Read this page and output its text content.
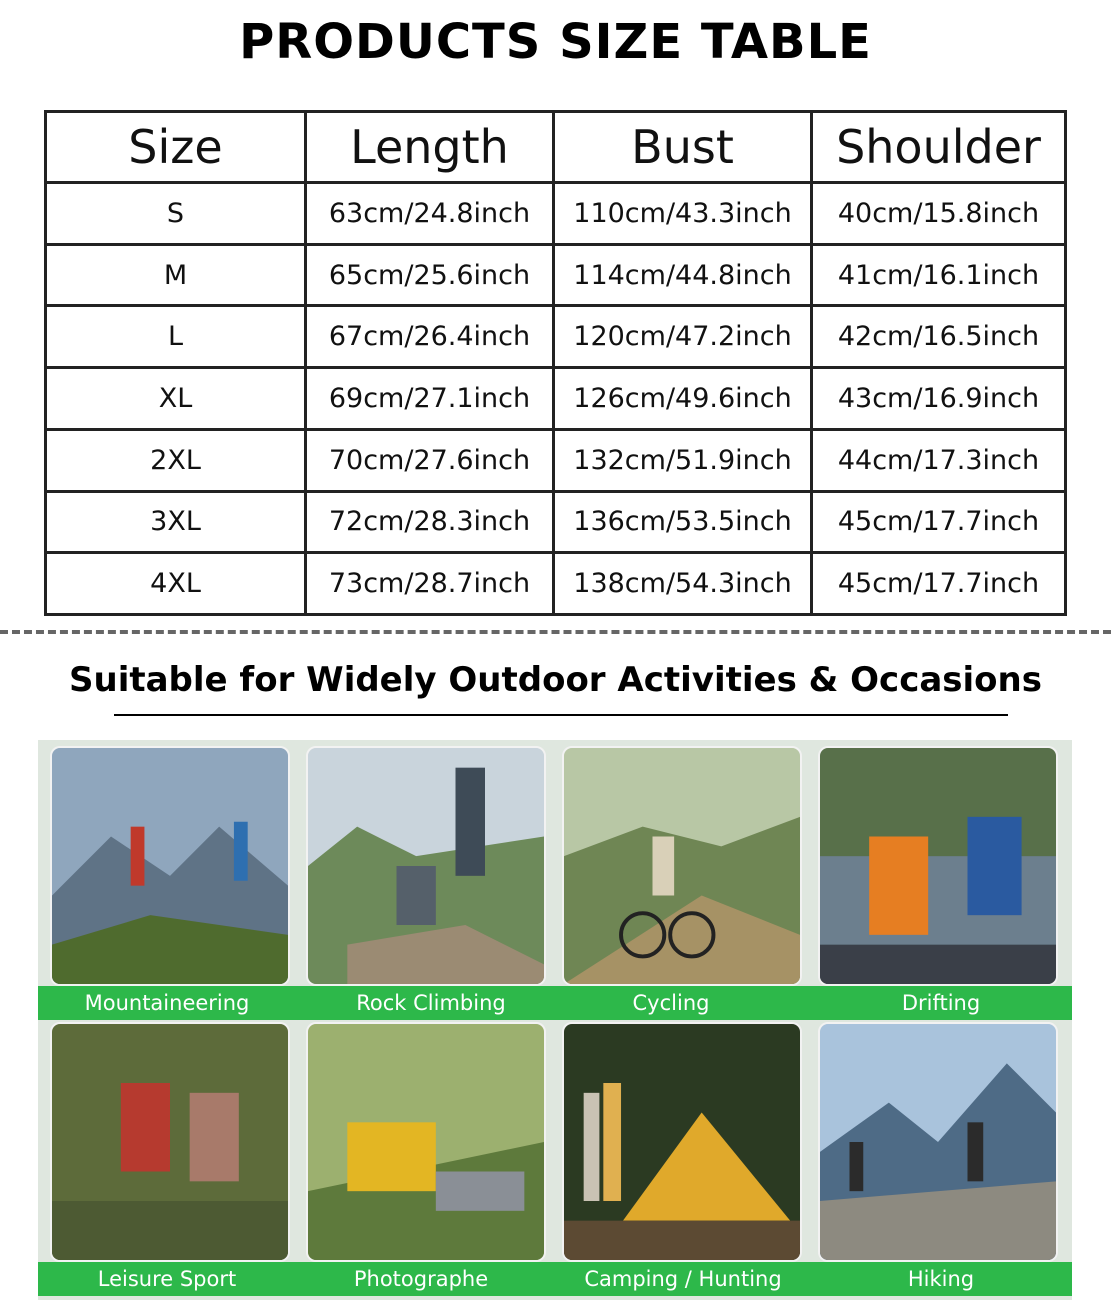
PRODUCTS SIZE TABLE
Size	Length	Bust	Shoulder
S	63cm/24.8inch	110cm/43.3inch	40cm/15.8inch
M	65cm/25.6inch	114cm/44.8inch	41cm/16.1inch
L	67cm/26.4inch	120cm/47.2inch	42cm/16.5inch
XL	69cm/27.1inch	126cm/49.6inch	43cm/16.9inch
2XL	70cm/27.6inch	132cm/51.9inch	44cm/17.3inch
3XL	72cm/28.3inch	136cm/53.5inch	45cm/17.7inch
4XL	73cm/28.7inch	138cm/54.3inch	45cm/17.7inch
Suitable for Widely Outdoor Activities & Occasions
Mountaineering	Rock Climbing	Cycling	Drifting
Leisure Sport	Photographe	Camping / Hunting	Hiking
